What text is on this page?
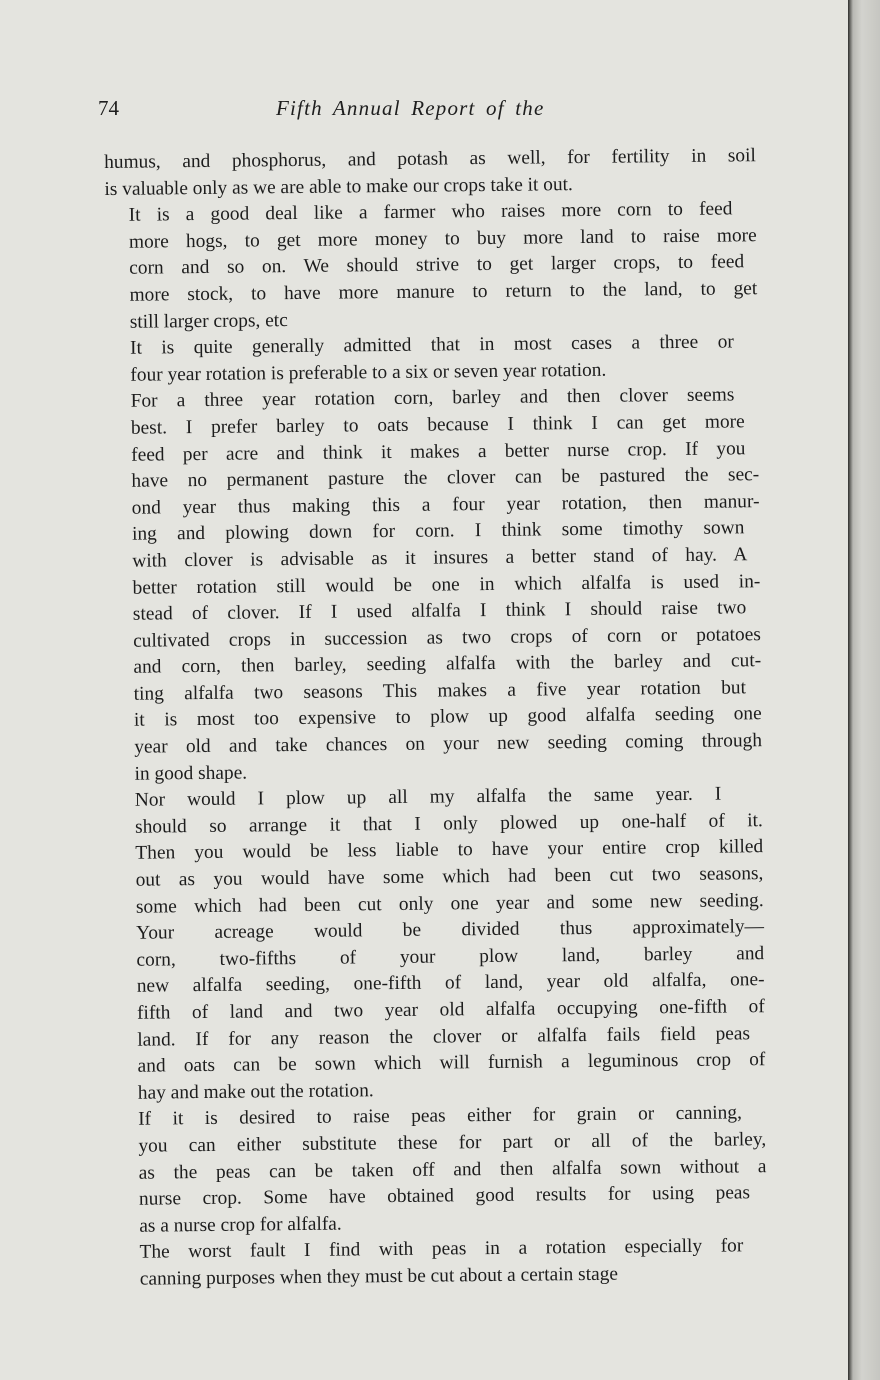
74	Fifth Annual Report of the

humus, and phosphorus, and potash as well, for fertility in soil
is valuable only as we are able to make our crops take it out.

It is a good deal like a farmer who raises more corn to feed
more hogs, to get more money to buy more land to raise more
corn and so on. We should strive to get larger crops, to feed
more stock, to have more manure to return to the land, to get
still larger crops, etc

It is quite generally admitted that in most cases a three or
four year rotation is preferable to a six or seven year rotation.

For a three year rotation corn, barley and then clover seems
best. I prefer barley to oats because I think I can get more
feed per acre and think it makes a better nurse crop. If you
have no permanent pasture the clover can be pastured the sec-
ond year thus making this a four year rotation, then manur-
ing and plowing down for corn. I think some timothy sown
with clover is advisable as it insures a better stand of hay. A
better rotation still would be one in which alfalfa is used in-
stead of clover. If I used alfalfa I think I should raise two
cultivated crops in succession as two crops of corn or potatoes
and corn, then barley, seeding alfalfa with the barley and cut-
ting alfalfa two seasons This makes a five year rotation but
it is most too expensive to plow up good alfalfa seeding one
year old and take chances on your new seeding coming through
in good shape.

Nor would I plow up all my alfalfa the same year. I
should so arrange it that I only plowed up one-half of it.
Then you would be less liable to have your entire crop killed
out as you would have some which had been cut two seasons,
some which had been cut only one year and some new seeding.
Your acreage would be divided thus approximately—
corn, two-fifths of your plow land, barley and
new alfalfa seeding, one-fifth of land, year old alfalfa, one-
fifth of land and two year old alfalfa occupying one-fifth of
land. If for any reason the clover or alfalfa fails field peas
and oats can be sown which will furnish a leguminous crop of
hay and make out the rotation.

If it is desired to raise peas either for grain or canning,
you can either substitute these for part or all of the barley,
as the peas can be taken off and then alfalfa sown without a
nurse crop. Some have obtained good results for using peas
as a nurse crop for alfalfa.

The worst fault I find with peas in a rotation especially for
canning purposes when they must be cut about a certain stage
